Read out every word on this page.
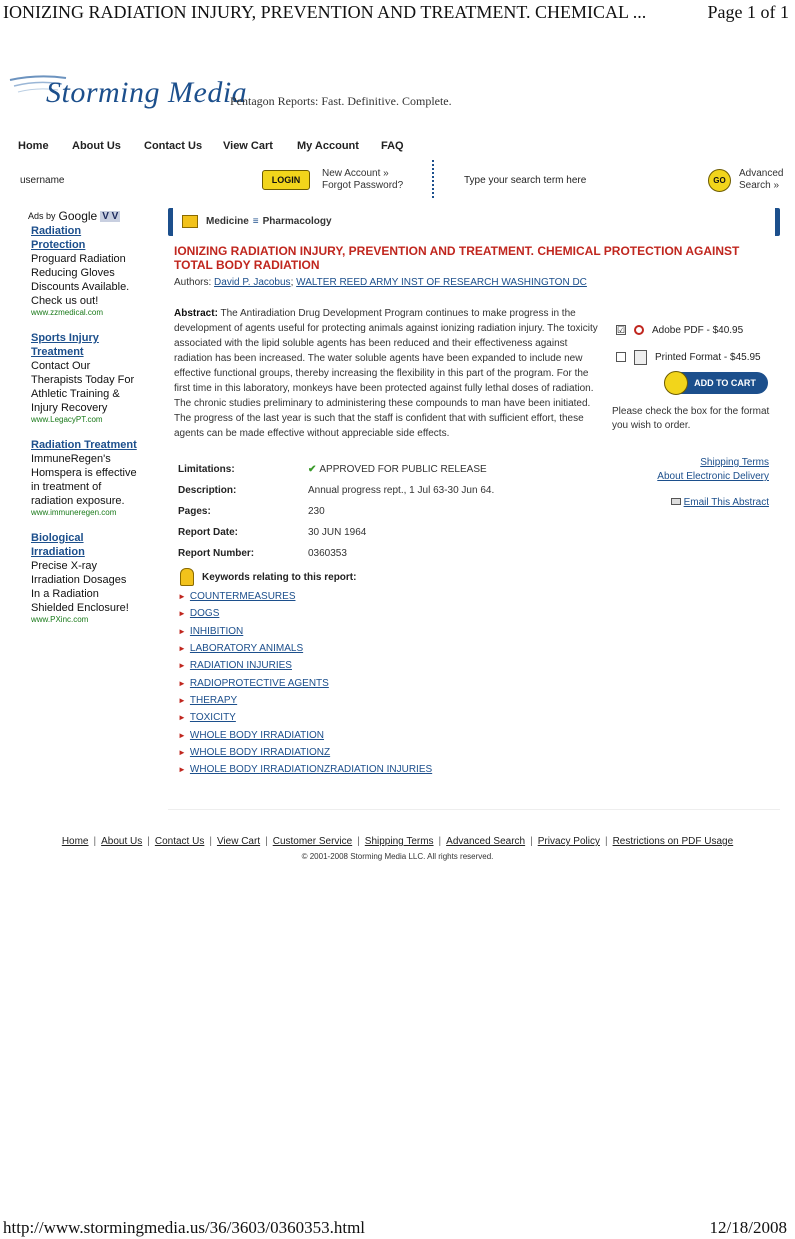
IONIZING RADIATION INJURY, PREVENTION AND TREATMENT. CHEMICAL ...	Page 1 of 1
Storming Media
Pentagon Reports: Fast. Definitive. Complete.
Home About Us Contact Us View Cart My Account FAQ
username	LOGIN
New Account »
Forgot Password?	Type your search term here	GO
Advanced
Search »
Ads by Google V V
Radiation Protection
Proguard Radiation Reducing Gloves Discounts Available. Check us out!
www.zzmedical.com
Sports Injury Treatment
Contact Our Therapists Today For Athletic Training & Injury Recovery
www.LegacyPT.com
Radiation Treatment
ImmuneRegen's Homspera is effective in treatment of radiation exposure.
www.immuneregen.com
Biological Irradiation
Precise X-ray Irradiation Dosages In a Radiation Shielded Enclosure!
www.PXinc.com
Medicine ≡ Pharmacology
IONIZING RADIATION INJURY, PREVENTION AND TREATMENT. CHEMICAL PROTECTION AGAINST TOTAL BODY RADIATION
Authors: David P. Jacobus; WALTER REED ARMY INST OF RESEARCH WASHINGTON DC
Abstract: The Antiradiation Drug Development Program continues to make progress in the development of agents useful for protecting animals against ionizing radiation injury. The toxicity associated with the lipid soluble agents has been reduced and their effectiveness against radiation has been increased. The water soluble agents have been expanded to include new effective functional groups, thereby increasing the flexibility in this part of the program. For the first time in this laboratory, monkeys have been protected against fully lethal doses of radiation. The chronic studies preliminary to administering these compounds to man have been initiated. The progress of the last year is such that the staff is confident that with sufficient effort, these agents can be made effective without appreciable side effects.
☑	Adobe PDF - $40.95
Printed Format - $45.95
ADD TO CART
Please check the box for the format you wish to order.
Limitations:	✔ APPROVED FOR PUBLIC RELEASE
Description:	Annual progress rept., 1 Jul 63-30 Jun 64.
Pages:	230
Report Date:	30 JUN 1964
Report Number:	0360353
Shipping Terms
About Electronic Delivery
Email This Abstract
Keywords relating to this report:
► COUNTERMEASURES
► DOGS
► INHIBITION
► LABORATORY ANIMALS
► RADIATION INJURIES
► RADIOPROTECTIVE AGENTS
► THERAPY
► TOXICITY
► WHOLE BODY IRRADIATION
► WHOLE BODY IRRADIATIONZ
► WHOLE BODY IRRADIATIONZRADIATION INJURIES
Home | About Us | Contact Us | View Cart | Customer Service | Shipping Terms | Advanced Search | Privacy Policy | Restrictions on PDF Usage
© 2001-2008 Storming Media LLC. All rights reserved.
http://www.stormingmedia.us/36/3603/0360353.html	12/18/2008
